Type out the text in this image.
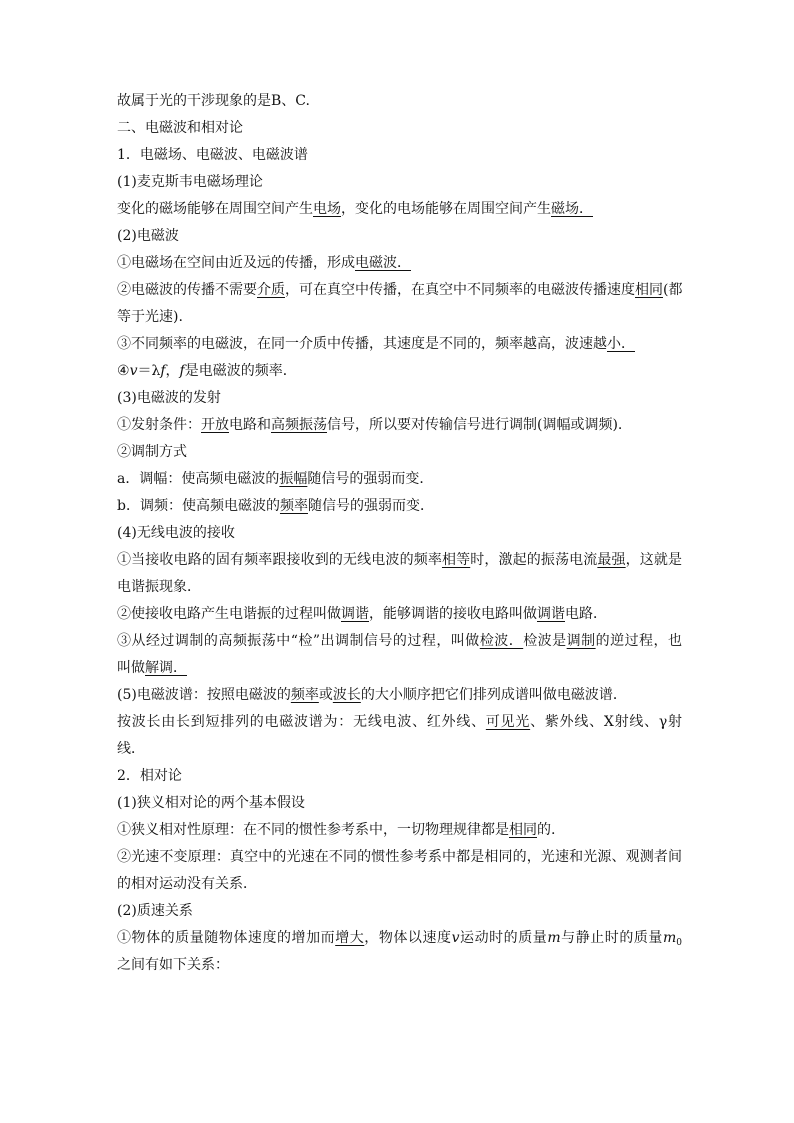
故属于光的干涉现象的是B、C.
二、电磁波和相对论
1．电磁场、电磁波、电磁波谱
(1)麦克斯韦电磁场理论
变化的磁场能够在周围空间产生电场，变化的电场能够在周围空间产生磁场．
(2)电磁波
①电磁场在空间由近及远的传播，形成电磁波．
②电磁波的传播不需要介质，可在真空中传播，在真空中不同频率的电磁波传播速度相同(都
等于光速).
③不同频率的电磁波，在同一介质中传播，其速度是不同的，频率越高，波速越小．
④v＝λf，f是电磁波的频率．
(3)电磁波的发射
①发射条件：开放电路和高频振荡信号，所以要对传输信号进行调制(调幅或调频).
②调制方式
a．调幅：使高频电磁波的振幅随信号的强弱而变．
b．调频：使高频电磁波的频率随信号的强弱而变．
(4)无线电波的接收
①当接收电路的固有频率跟接收到的无线电波的频率相等时，激起的振荡电流最强，这就是
电谐振现象．
②使接收电路产生电谐振的过程叫做调谐，能够调谐的接收电路叫做调谐电路．
③从经过调制的高频振荡中“检”出调制信号的过程，叫做检波．检波是调制的逆过程，也
叫做解调．
(5)电磁波谱：按照电磁波的频率或波长的大小顺序把它们排列成谱叫做电磁波谱．
按波长由长到短排列的电磁波谱为：无线电波、红外线、可见光、紫外线、X射线、γ射
线．
2．相对论
(1)狭义相对论的两个基本假设
①狭义相对性原理：在不同的惯性参考系中，一切物理规律都是相同的.
②光速不变原理：真空中的光速在不同的惯性参考系中都是相同的，光速和光源、观测者间
的相对运动没有关系．
(2)质速关系
①物体的质量随物体速度的增加而增大，物体以速度v运动时的质量m与静止时的质量$m_0$
之间有如下关系：
